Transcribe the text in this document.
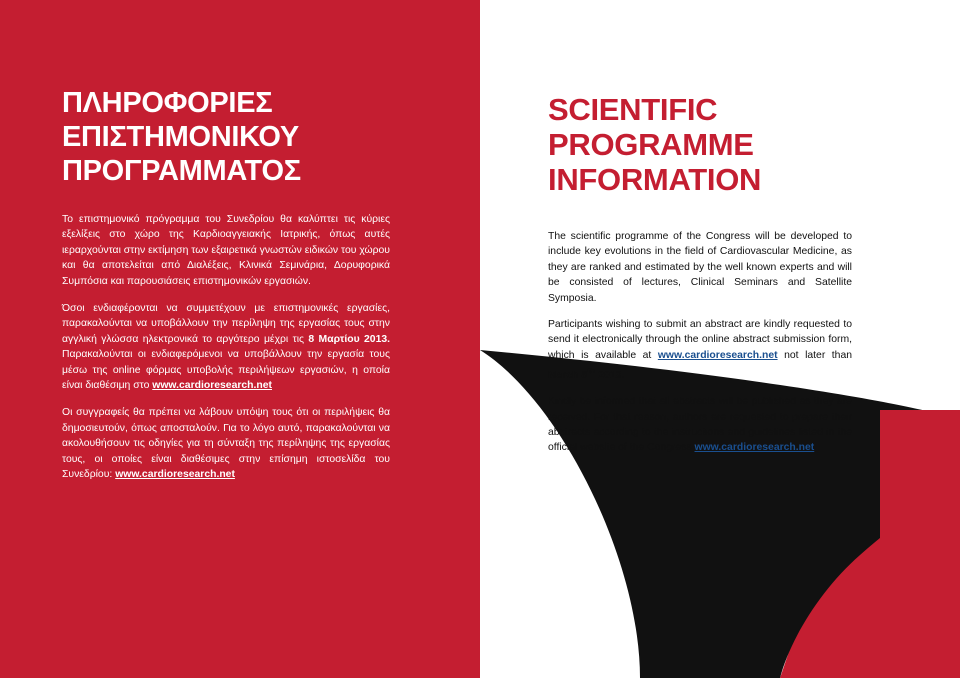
ΠΛΗΡΟΦΟΡΙΕΣ
ΕΠΙΣΤΗΜΟΝΙΚΟΥ
ΠΡΟΓΡΑΜΜΑΤΟΣ

Το επιστημονικό πρόγραμμα του Συνεδρίου θα καλύπτει τις κύριες εξελίξεις στο χώρο της Καρδιοαγγειακής Ιατρικής, όπως αυτές ιεραρχούνται στην εκτίμηση των εξαιρετικά γνωστών ειδικών του χώρου και θα αποτελείται από Διαλέξεις, Κλινικά Σεμινάρια, Δορυφορικά Συμπόσια και παρουσιάσεις επιστημονικών εργασιών.

Όσοι ενδιαφέρονται να συμμετέχουν με επιστημονικές εργασίες, παρακαλούνται να υποβάλλουν την περίληψη της εργασίας τους στην αγγλική γλώσσα ηλεκτρονικά το αργότερο μέχρι τις 8 Μαρτίου 2013. Παρακαλούνται οι ενδιαφερόμενοι να υποβάλλουν την εργασία τους μέσω της online φόρμας υποβολής περιλήψεων εργασιών, η οποία είναι διαθέσιμη στο www.cardioresearch.net

Οι συγγραφείς θα πρέπει να λάβουν υπόψη τους ότι οι περιλήψεις θα δημοσιευτούν, όπως αποσταλούν. Για το λόγο αυτό, παρακαλούνται να ακολουθήσουν τις οδηγίες για τη σύνταξη της περίληψης της εργασίας τους, οι οποίες είναι διαθέσιμες στην επίσημη ιστοσελίδα του Συνεδρίου: www.cardioresearch.net

SCIENTIFIC
PROGRAMME
INFORMATION

The scientific programme of the Congress will be developed to include key evolutions in the field of Cardiovascular Medicine, as they are ranked and estimated by the well known experts and will be consisted of lectures, Clinical Seminars and Satellite Symposia.

Participants wishing to submit an abstract are kindly requested to send it electronically through the online abstract submission form, which is available at www.cardioresearch.net not later than March 8th 2013.

Kindly be informed that all abstracts will be published as they are received. For that reason, authors are requested to prepare their abstracts according to the instructions and guidelines listed in the official website of the Congress www.cardioresearch.net
